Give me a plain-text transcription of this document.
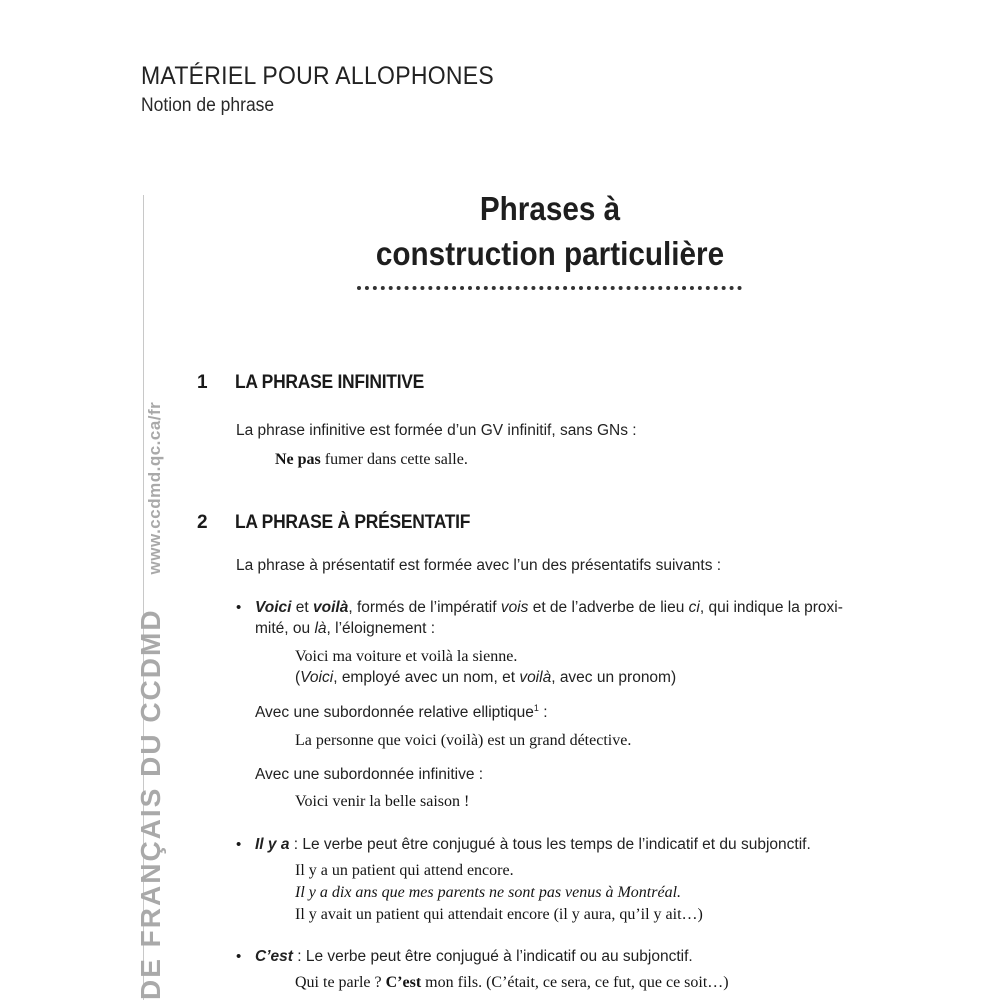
MATÉRIEL POUR ALLOPHONES
Notion de phrase
DE FRANÇAIS DU CCDMDwww.ccdmd.qc.ca/fr
Phrases à
construction particulière
1 LA PHRASE INFINITIVE
La phrase infinitive est formée d’un GV infinitif, sans GNs :
Ne pas fumer dans cette salle.
2 LA PHRASE À PRÉSENTATIF
La phrase à présentatif est formée avec l’un des présentatifs suivants :
• Voici et voilà, formés de l’impératif vois et de l’adverbe de lieu ci, qui indique la proxi-
mité, ou là, l’éloignement :
Voici ma voiture et voilà la sienne.
(Voici, employé avec un nom, et voilà, avec un pronom)
Avec une subordonnée relative elliptique$^1$ :
La personne que voici (voilà) est un grand détective.
Avec une subordonnée infinitive :
Voici venir la belle saison !
• Il y a : Le verbe peut être conjugué à tous les temps de l’indicatif et du subjonctif.
Il y a un patient qui attend encore.
Il y a dix ans que mes parents ne sont pas venus à Montréal.
Il y avait un patient qui attendait encore (il y aura, qu’il y ait…)
• C’est : Le verbe peut être conjugué à l’indicatif ou au subjonctif.
Qui te parle ? C’est mon fils. (C’était, ce sera, ce fut, que ce soit…)
